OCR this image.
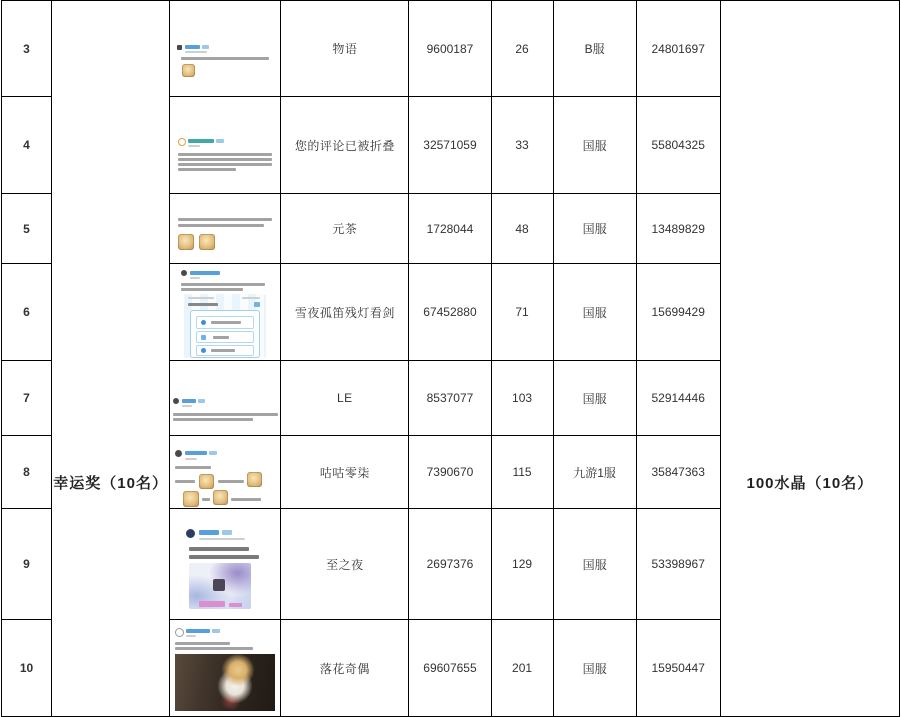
3	幸运奖（10名）		物语	9600187	26	B服	24801697	100水晶（10名）

4			您的评论已被折叠	32571059	33	国服	55804325	
5			元茶	1728044	48	国服	13489829	
6			雪夜孤笛残灯看剑	67452880	71	国服	15699429	
7			LE	8537077	103	国服	52914446	
8			咕咕零柒	7390670	115	九游1服	35847363	
9			至之夜	2697376	129	国服	53398967	
10			落花奇偶	69607655	201	国服	15950447	
